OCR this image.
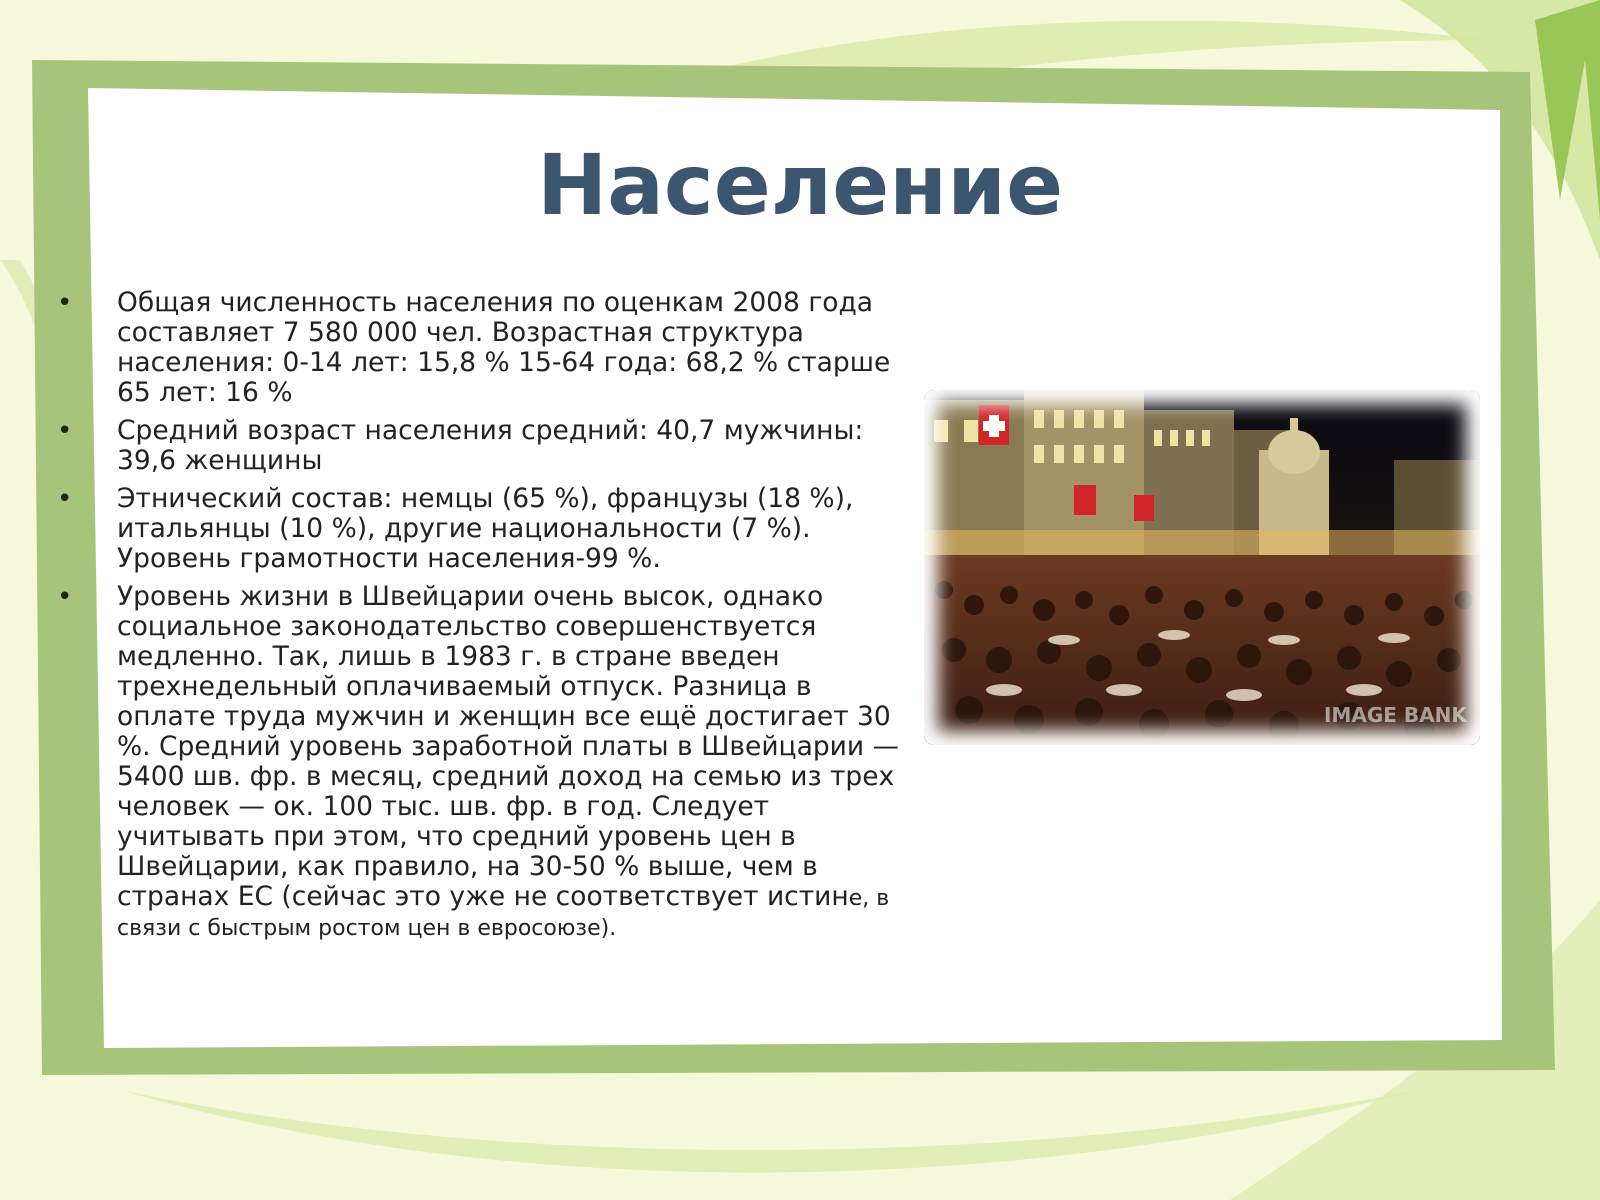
Население
• Общая численность населения по оценкам 2008 года составляет 7 580 000 чел. Возрастная структура населения: 0-14 лет: 15,8 % 15-64 года: 68,2 % старше 65 лет: 16 %
• Средний возраст населения средний: 40,7 мужчины: 39,6 женщины
• Этнический состав: немцы (65 %), французы (18 %), итальянцы (10 %), другие национальности (7 %). Уровень грамотности населения-99 %.
• Уровень жизни в Швейцарии очень высок, однако социальное законодательство совершенствуется медленно. Так, лишь в 1983 г. в стране введен трехнедельный оплачиваемый отпуск. Разница в оплате труда мужчин и женщин все ещё достигает 30 %. Средний уровень заработной платы в Швейцарии — 5400 шв. фр. в месяц, средний доход на семью из трех человек — ок. 100 тыс. шв. фр. в год. Следует учитывать при этом, что средний уровень цен в Швейцарии, как правило, на 30-50 % выше, чем в странах ЕС (сейчас это уже не соответствует истине, в связи с быстрым ростом цен в евросоюзе).
IMAGE BANK
